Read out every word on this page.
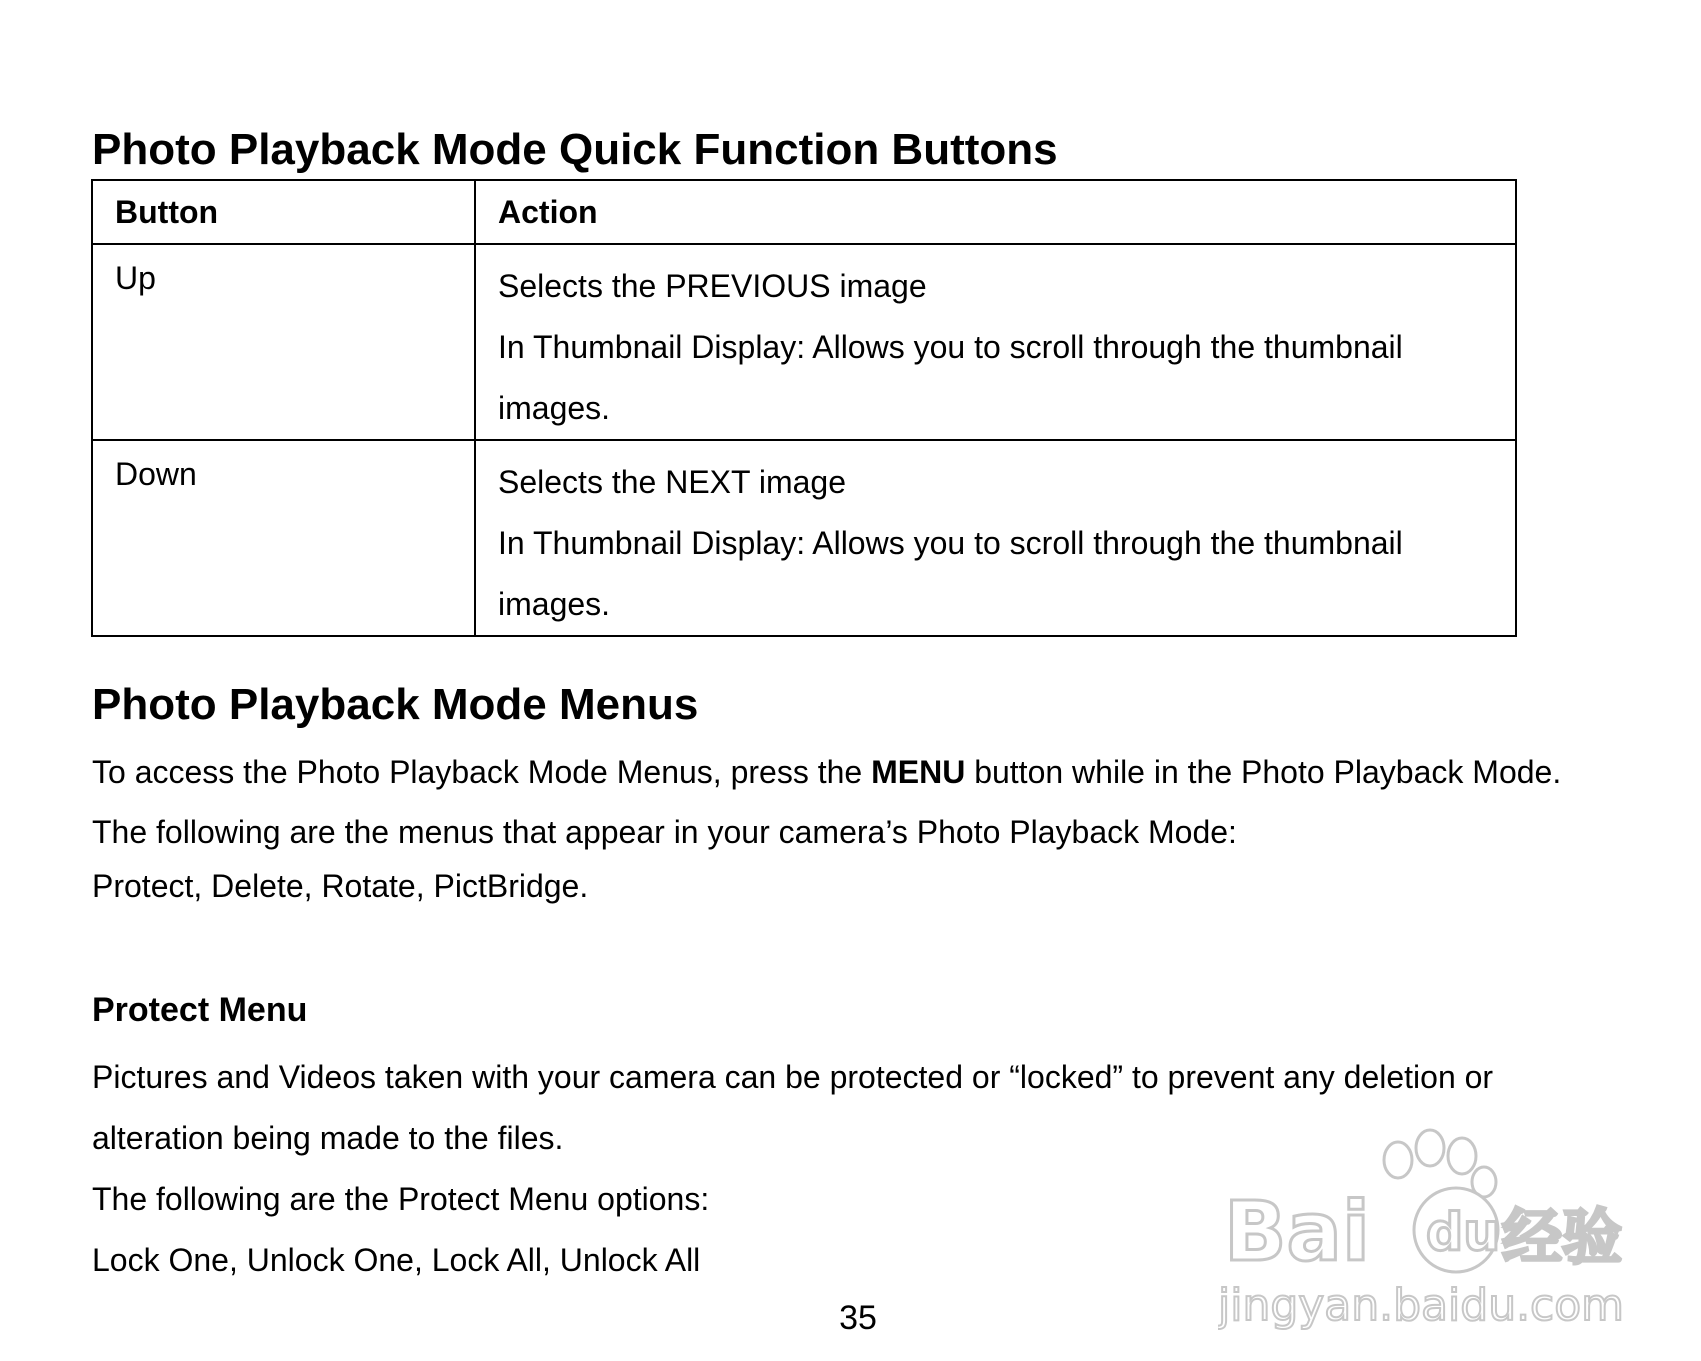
Photo Playback Mode Quick Function Buttons
Button	Action

Up	Selects the PREVIOUS image
In Thumbnail Display: Allows you to scroll through the thumbnail
images.

Down	Selects the NEXT image
In Thumbnail Display: Allows you to scroll through the thumbnail
images.
Photo Playback Mode Menus

To access the Photo Playback Mode Menus, press the MENU button while in the Photo Playback Mode.

The following are the menus that appear in your camera’s Photo Playback Mode:

Protect, Delete, Rotate, PictBridge.

Protect Menu

Pictures and Videos taken with your camera can be protected or “locked” to prevent any deletion or

alteration being made to the files.

The following are the Protect Menu options:

Lock One, Unlock One, Lock All, Unlock All

35
Bai du 经验
jingyan.baidu.com
